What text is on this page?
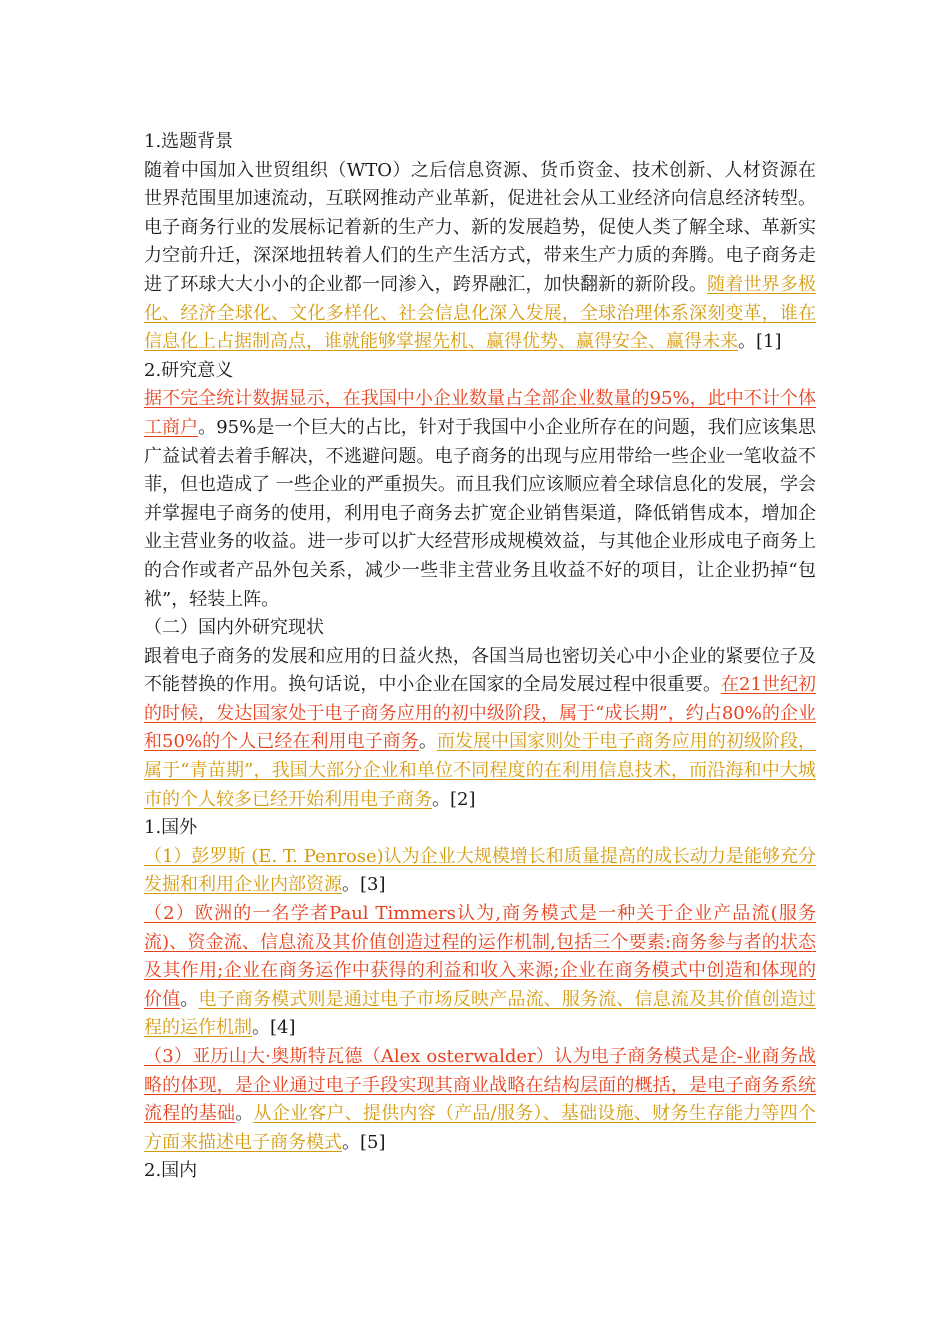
1.选题背景
随着中国加入世贸组织（WTO）之后信息资源、货币资金、技术创新、人材资源在世界范围里加速流动，互联网推动产业革新，促进社会从工业经济向信息经济转型。电子商务行业的发展标记着新的生产力、新的发展趋势，促使人类了解全球、革新实力空前升迁，深深地扭转着人们的生产生活方式，带来生产力质的奔腾。电子商务走进了环球大大小小的企业都一同渗入，跨界融汇，加快翻新的新阶段。随着世界多极化、经济全球化、文化多样化、社会信息化深入发展，全球治理体系深刻变革，谁在信息化上占据制高点，谁就能够掌握先机、赢得优势、赢得安全、赢得未来。[1]
2.研究意义
据不完全统计数据显示，在我国中小企业数量占全部企业数量的95%，此中不计个体工商户。95%是一个巨大的占比，针对于我国中小企业所存在的问题，我们应该集思广益试着去着手解决，不逃避问题。电子商务的出现与应用带给一些企业一笔收益不菲，但也造成了 一些企业的严重损失。而且我们应该顺应着全球信息化的发展，学会并掌握电子商务的使用，利用电子商务去扩宽企业销售渠道，降低销售成本，增加企业主营业务的收益。进一步可以扩大经营形成规模效益，与其他企业形成电子商务上的合作或者产品外包关系，减少一些非主营业务且收益不好的项目，让企业扔掉“包袱”，轻装上阵。
（二）国内外研究现状
跟着电子商务的发展和应用的日益火热，各国当局也密切关心中小企业的紧要位子及不能替换的作用。换句话说，中小企业在国家的全局发展过程中很重要。在21世纪初的时候，发达国家处于电子商务应用的初中级阶段，属于“成长期”，约占80%的企业和50%的个人已经在利用电子商务。而发展中国家则处于电子商务应用的初级阶段，属于“青苗期”，我国大部分企业和单位不同程度的在利用信息技术，而沿海和中大城市的个人较多已经开始利用电子商务。[2]
1.国外
（1）彭罗斯 (E. T. Penrose)认为企业大规模增长和质量提高的成长动力是能够充分发掘和利用企业内部资源。[3]
（2）欧洲的一名学者Paul Timmers认为,商务模式是一种关于企业产品流(服务流)、资金流、信息流及其价值创造过程的运作机制,包括三个要素:商务参与者的状态及其作用;企业在商务运作中获得的利益和收入来源;企业在商务模式中创造和体现的价值。电子商务模式则是通过电子市场反映产品流、服务流、信息流及其价值创造过程的运作机制。[4]
（3）亚历山大·奥斯特瓦德（Alex osterwalder）认为电子商务模式是企-业商务战略的体现，是企业通过电子手段实现其商业战略在结构层面的概括，是电子商务系统流程的基础。从企业客户、提供内容（产品/服务）、基础设施、财务生存能力等四个方面来描述电子商务模式。[5]
2.国内
